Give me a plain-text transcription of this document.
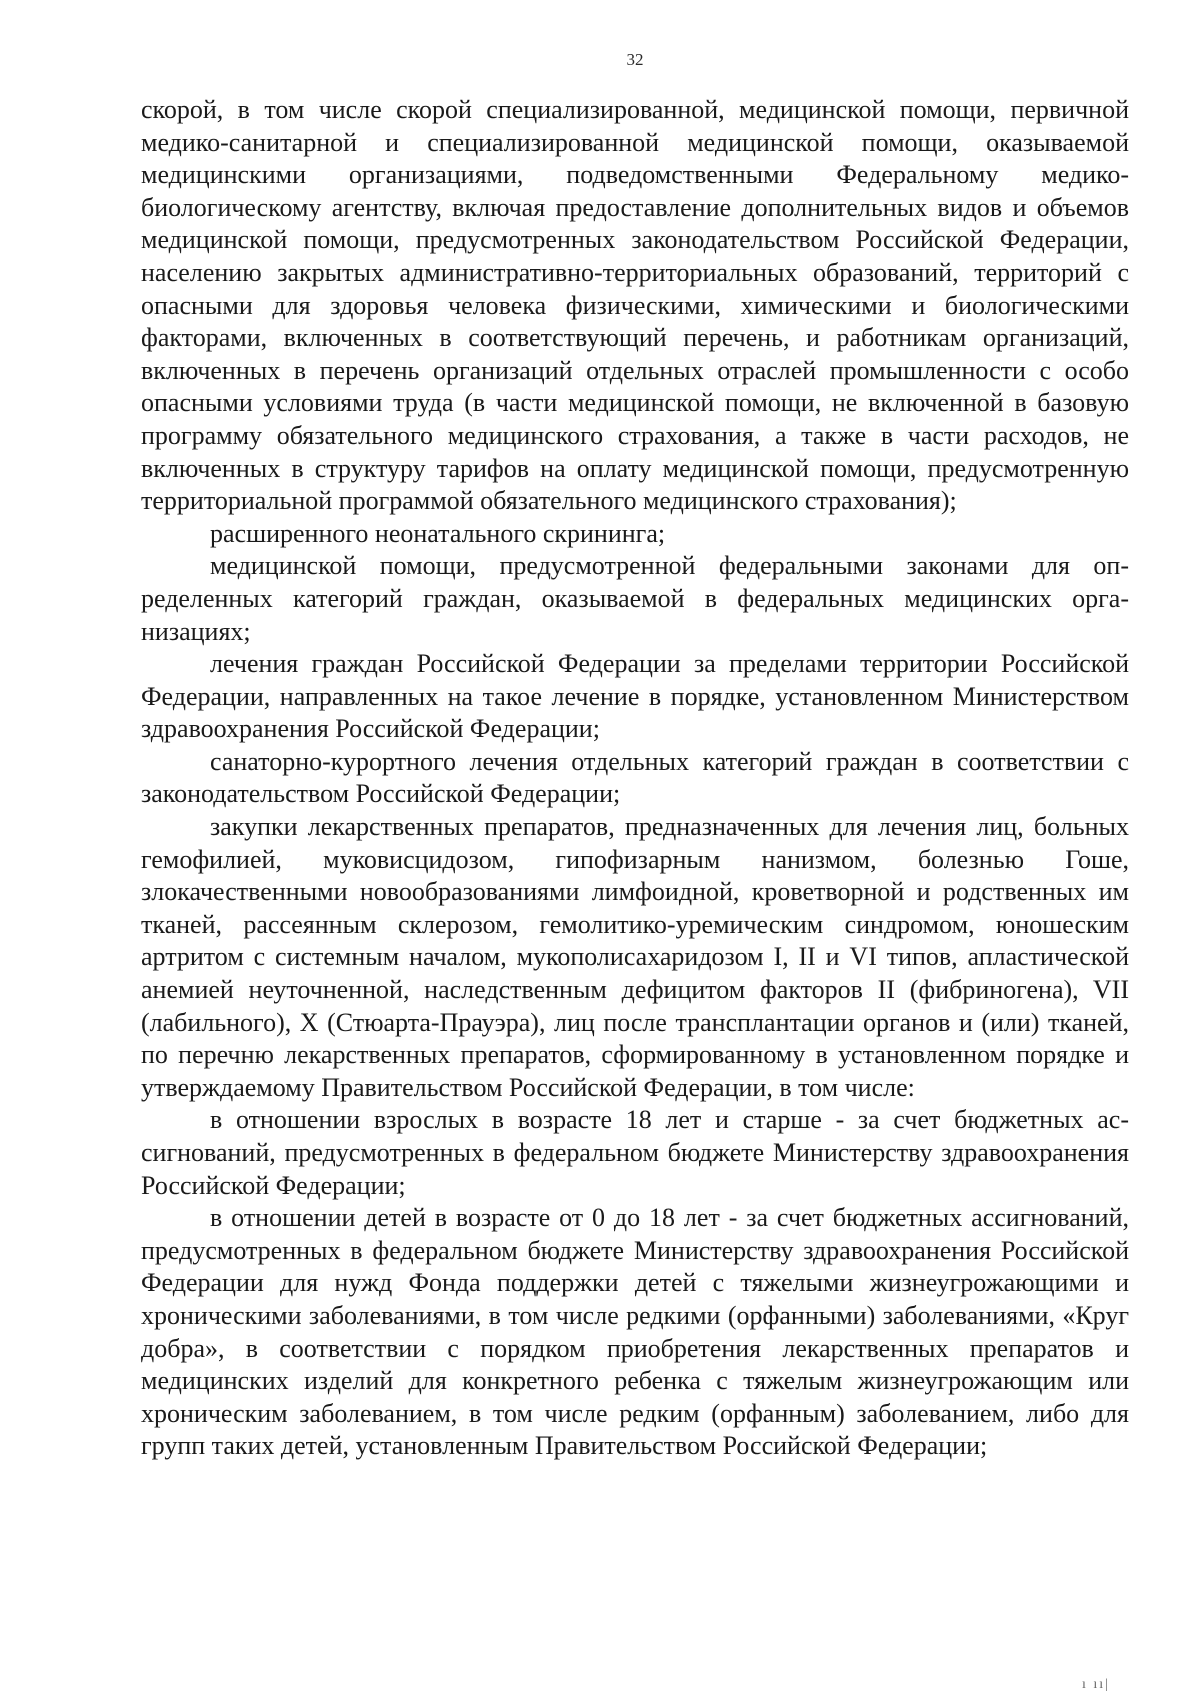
32

скорой, в том числе скорой специализированной, медицинской помощи, первичной медико-санитарной и специализированной медицинской помощи, оказываемой медицинскими организациями, подведомственными Федеральному медико-биологическому агентству, включая предоставление дополнительных видов и объемов медицинской помощи, предусмотренных законодательством Российской Федерации, населению закрытых административно-территориальных образований, территорий с опасными для здоровья человека физическими, химическими и биологическими факторами, включенных в соответствующий перечень, и работникам организаций, включенных в перечень организаций отдельных отраслей промышленности с особо опасными условиями труда (в части медицинской помощи, не включенной в базовую программу обязательного медицинского страхования, а также в части расходов, не включенных в структуру тарифов на оплату медицинской помощи, предусмотренную территориальной программой обязательного медицинского страхования);

расширенного неонатального скрининга;

медицинской помощи, предусмотренной федеральными законами для определенных категорий граждан, оказываемой в федеральных медицинских организациях;

лечения граждан Российской Федерации за пределами территории Российской Федерации, направленных на такое лечение в порядке, установленном Министерством здравоохранения Российской Федерации;

санаторно-курортного лечения отдельных категорий граждан в соответствии с законодательством Российской Федерации;

закупки лекарственных препаратов, предназначенных для лечения лиц, больных гемофилией, муковисцидозом, гипофизарным нанизмом, болезнью Гоше, злокачественными новообразованиями лимфоидной, кроветворной и родственных им тканей, рассеянным склерозом, гемолитико-уремическим синдромом, юношеским артритом с системным началом, мукополисахаридозом I, II и VI типов, апластической анемией неуточненной, наследственным дефицитом факторов II (фибриногена), VII (лабильного), X (Стюарта-Прауэра), лиц после трансплантации органов и (или) тканей, по перечню лекарственных препаратов, сформированному в установленном порядке и утверждаемому Правительством Российской Федерации, в том числе:

в отношении взрослых в возрасте 18 лет и старше - за счет бюджетных ассигнований, предусмотренных в федеральном бюджете Министерству здравоохранения Российской Федерации;

в отношении детей в возрасте от 0 до 18 лет - за счет бюджетных ассигнований, предусмотренных в федеральном бюджете Министерству здравоохранения Российской Федерации для нужд Фонда поддержки детей с тяжелыми жизнеугрожающими и хроническими заболеваниями, в том числе редкими (орфанными) заболеваниями, «Круг добра», в соответствии с порядком приобретения лекарственных препаратов и медицинских изделий для конкретного ребенка с тяжелым жизнеугрожающим или хроническим заболеванием, в том числе редким (орфанным) заболеванием, либо для групп таких детей, установленным Правительством Российской Федерации;

ı ıı|
